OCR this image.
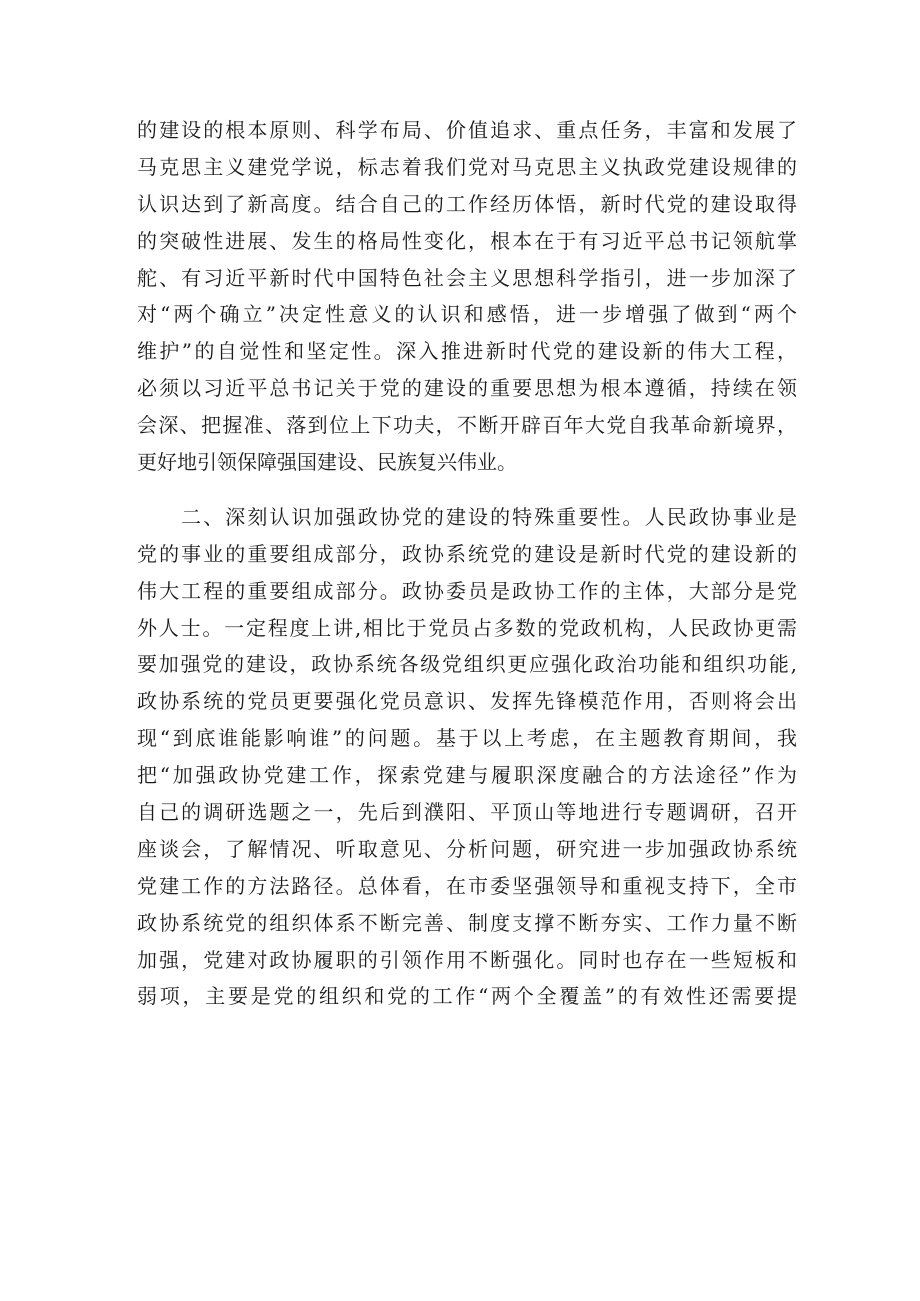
的建设的根本原则、科学布局、价值追求、重点任务，丰富和发展了
马克思主义建党学说，标志着我们党对马克思主义执政党建设规律的
认识达到了新高度。结合自己的工作经历体悟，新时代党的建设取得
的突破性进展、发生的格局性变化，根本在于有习近平总书记领航掌
舵、有习近平新时代中国特色社会主义思想科学指引，进一步加深了
对“两个确立”决定性意义的认识和感悟，进一步增强了做到“两个
维护”的自觉性和坚定性。深入推进新时代党的建设新的伟大工程，
必须以习近平总书记关于党的建设的重要思想为根本遵循，持续在领
会深、把握准、落到位上下功夫，不断开辟百年大党自我革命新境界，
更好地引领保障强国建设、民族复兴伟业。
　　二、深刻认识加强政协党的建设的特殊重要性。人民政协事业是
党的事业的重要组成部分，政协系统党的建设是新时代党的建设新的
伟大工程的重要组成部分。政协委员是政协工作的主体，大部分是党
外人士。一定程度上讲,相比于党员占多数的党政机构，人民政协更需
要加强党的建设，政协系统各级党组织更应强化政治功能和组织功能,
政协系统的党员更要强化党员意识、发挥先锋模范作用，否则将会出
现“到底谁能影响谁”的问题。基于以上考虑，在主题教育期间，我
把“加强政协党建工作，探索党建与履职深度融合的方法途径”作为
自己的调研选题之一，先后到濮阳、平顶山等地进行专题调研，召开
座谈会，了解情况、听取意见、分析问题，研究进一步加强政协系统
党建工作的方法路径。总体看，在市委坚强领导和重视支持下，全市
政协系统党的组织体系不断完善、制度支撑不断夯实、工作力量不断
加强，党建对政协履职的引领作用不断强化。同时也存在一些短板和
弱项，主要是党的组织和党的工作“两个全覆盖”的有效性还需要提
